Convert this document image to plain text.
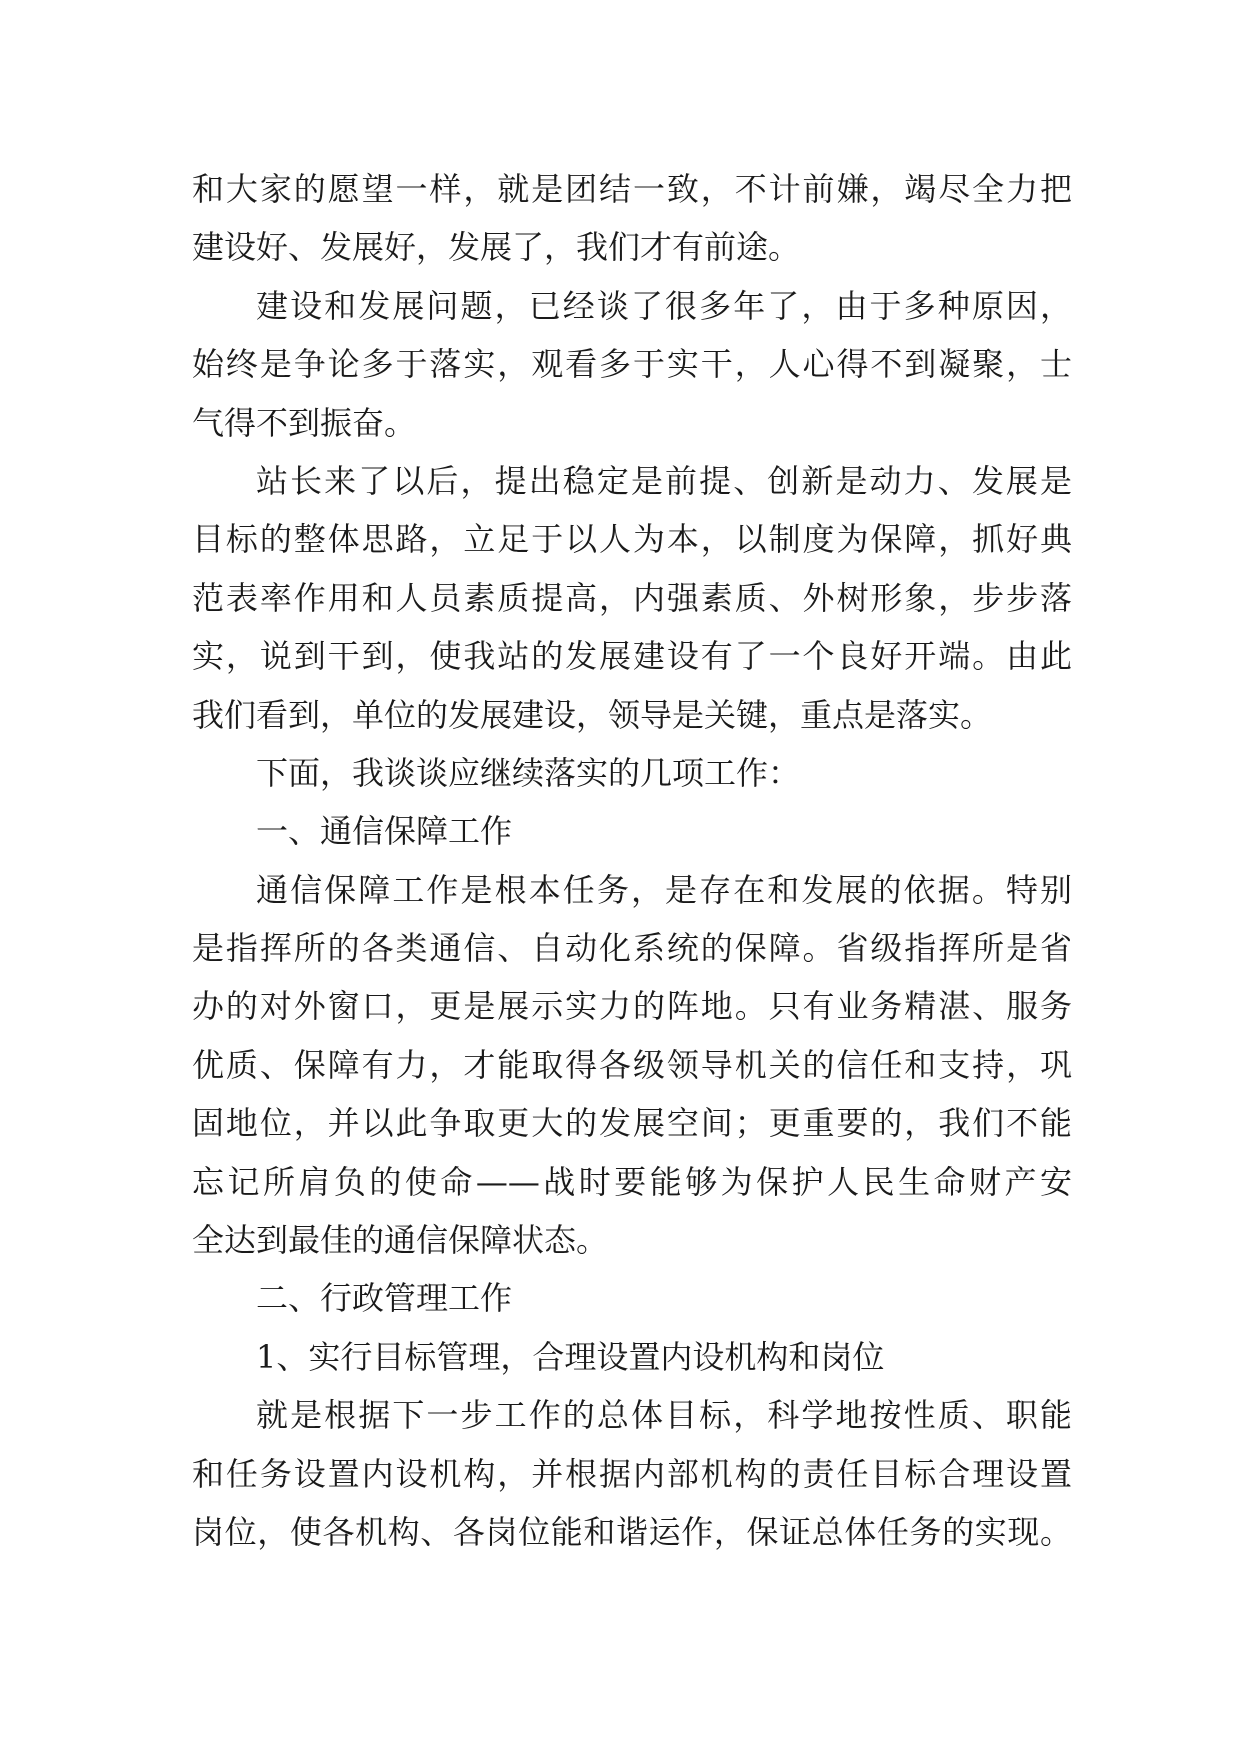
和大家的愿望一样，就是团结一致，不计前嫌，竭尽全力把
建设好、发展好，发展了，我们才有前途。
建设和发展问题，已经谈了很多年了，由于多种原因，
始终是争论多于落实，观看多于实干，人心得不到凝聚，士
气得不到振奋。
站长来了以后，提出稳定是前提、创新是动力、发展是
目标的整体思路，立足于以人为本，以制度为保障，抓好典
范表率作用和人员素质提高，内强素质、外树形象，步步落
实，说到干到，使我站的发展建设有了一个良好开端。由此
我们看到，单位的发展建设，领导是关键，重点是落实。
下面，我谈谈应继续落实的几项工作：
一、通信保障工作
通信保障工作是根本任务，是存在和发展的依据。特别
是指挥所的各类通信、自动化系统的保障。省级指挥所是省
办的对外窗口，更是展示实力的阵地。只有业务精湛、服务
优质、保障有力，才能取得各级领导机关的信任和支持，巩
固地位，并以此争取更大的发展空间；更重要的，我们不能
忘记所肩负的使命——战时要能够为保护人民生命财产安
全达到最佳的通信保障状态。
二、行政管理工作
1、实行目标管理，合理设置内设机构和岗位
就是根据下一步工作的总体目标，科学地按性质、职能
和任务设置内设机构，并根据内部机构的责任目标合理设置
岗位，使各机构、各岗位能和谐运作，保证总体任务的实现。
